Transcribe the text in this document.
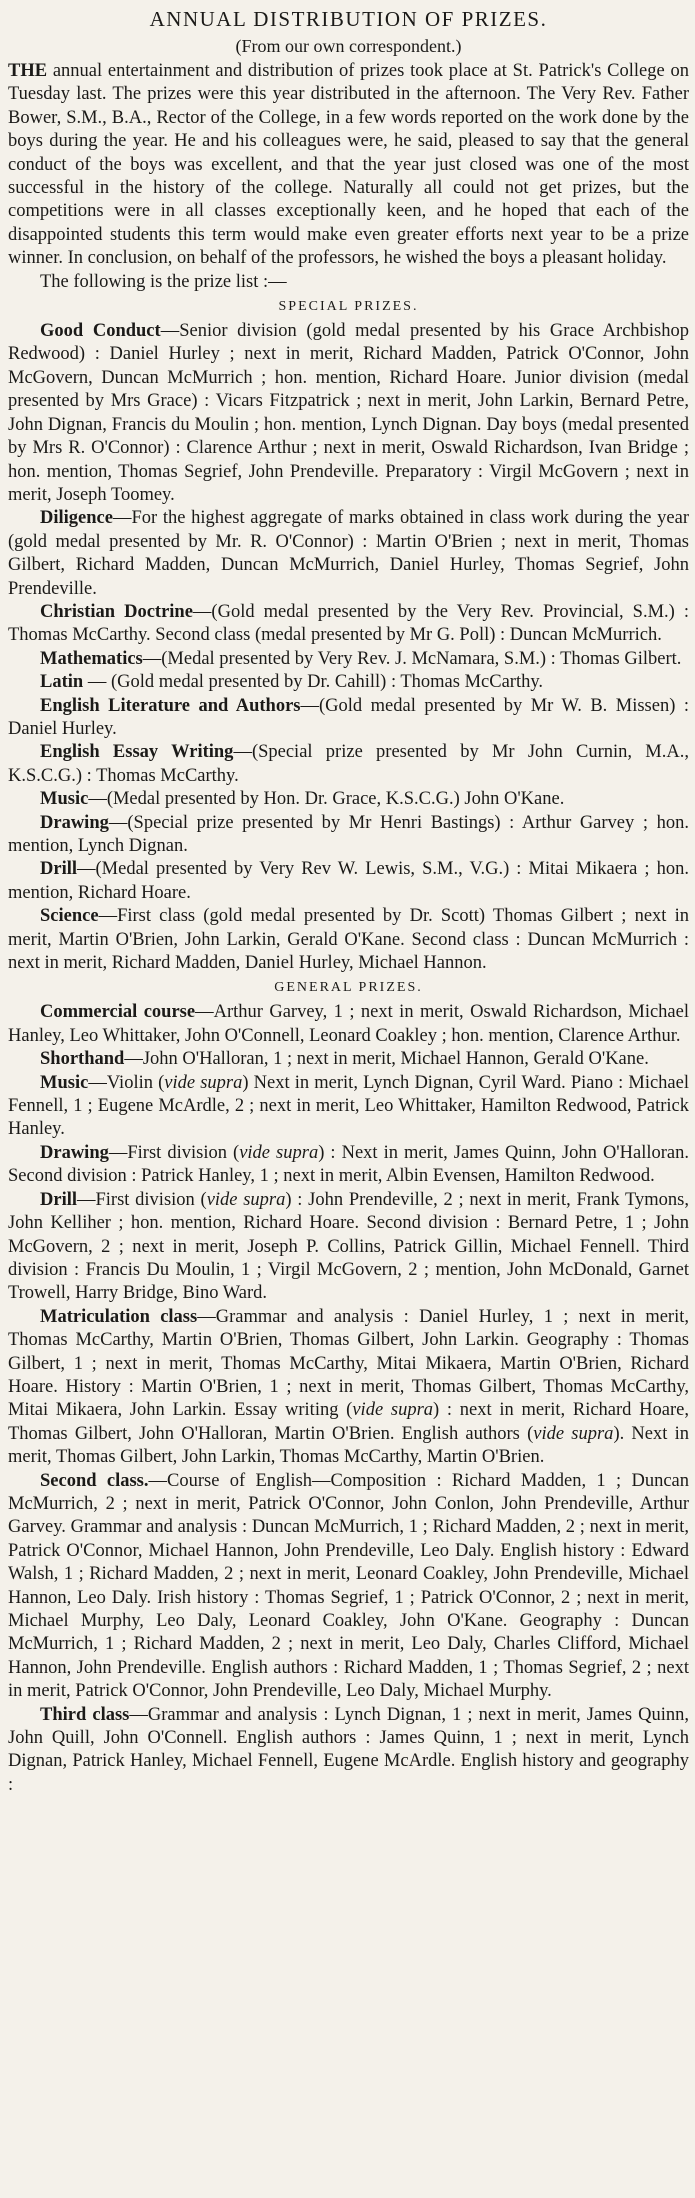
ANNUAL DISTRIBUTION OF PRIZES.
(From our own correspondent.)

THE annual entertainment and distribution of prizes took place at St. Patrick's College on Tuesday last. The prizes were this year distributed in the afternoon. The Very Rev. Father Bower, S.M., B.A., Rector of the College, in a few words reported on the work done by the boys during the year. He and his colleagues were, he said, pleased to say that the general conduct of the boys was excellent, and that the year just closed was one of the most successful in the history of the college. Naturally all could not get prizes, but the competitions were in all classes exceptionally keen, and he hoped that each of the disappointed students this term would make even greater efforts next year to be a prize winner. In conclusion, on behalf of the professors, he wished the boys a pleasant holiday.

The following is the prize list :—

SPECIAL PRIZES.

Good Conduct—Senior division (gold medal presented by his Grace Archbishop Redwood) : Daniel Hurley ; next in merit, Richard Madden, Patrick O'Connor, John McGovern, Duncan McMurrich ; hon. mention, Richard Hoare. Junior division (medal presented by Mrs Grace) : Vicars Fitzpatrick ; next in merit, John Larkin, Bernard Petre, John Dignan, Francis du Moulin ; hon. mention, Lynch Dignan. Day boys (medal presented by Mrs R. O'Connor) : Clarence Arthur ; next in merit, Oswald Richardson, Ivan Bridge ; hon. mention, Thomas Segrief, John Prendeville. Preparatory : Virgil McGovern ; next in merit, Joseph Toomey.

Diligence—For the highest aggregate of marks obtained in class work during the year (gold medal presented by Mr. R. O'Connor) : Martin O'Brien ; next in merit, Thomas Gilbert, Richard Madden, Duncan McMurrich, Daniel Hurley, Thomas Segrief, John Prendeville.

Christian Doctrine—(Gold medal presented by the Very Rev. Provincial, S.M.) : Thomas McCarthy. Second class (medal presented by Mr G. Poll) : Duncan McMurrich.

Mathematics—(Medal presented by Very Rev. J. McNamara, S.M.) : Thomas Gilbert.

Latin — (Gold medal presented by Dr. Cahill) : Thomas McCarthy.

English Literature and Authors—(Gold medal presented by Mr W. B. Missen) : Daniel Hurley.

English Essay Writing—(Special prize presented by Mr John Curnin, M.A., K.S.C.G.) : Thomas McCarthy.

Music—(Medal presented by Hon. Dr. Grace, K.S.C.G.) John O'Kane.

Drawing—(Special prize presented by Mr Henri Bastings) : Arthur Garvey ; hon. mention, Lynch Dignan.

Drill—(Medal presented by Very Rev W. Lewis, S.M., V.G.) : Mitai Mikaera ; hon. mention, Richard Hoare.

Science—First class (gold medal presented by Dr. Scott) Thomas Gilbert ; next in merit, Martin O'Brien, John Larkin, Gerald O'Kane. Second class : Duncan McMurrich : next in merit, Richard Madden, Daniel Hurley, Michael Hannon.

GENERAL PRIZES.

Commercial course—Arthur Garvey, 1 ; next in merit, Oswald Richardson, Michael Hanley, Leo Whittaker, John O'Connell, Leonard Coakley ; hon. mention, Clarence Arthur.

Shorthand—John O'Halloran, 1 ; next in merit, Michael Hannon, Gerald O'Kane.

Music—Violin (vide supra) Next in merit, Lynch Dignan, Cyril Ward. Piano : Michael Fennell, 1 ; Eugene McArdle, 2 ; next in merit, Leo Whittaker, Hamilton Redwood, Patrick Hanley.

Drawing—First division (vide supra) : Next in merit, James Quinn, John O'Halloran. Second division : Patrick Hanley, 1 ; next in merit, Albin Evensen, Hamilton Redwood.

Drill—First division (vide supra) : John Prendeville, 2 ; next in merit, Frank Tymons, John Kelliher ; hon. mention, Richard Hoare. Second division : Bernard Petre, 1 ; John McGovern, 2 ; next in merit, Joseph P. Collins, Patrick Gillin, Michael Fennell. Third division : Francis Du Moulin, 1 ; Virgil McGovern, 2 ; mention, John McDonald, Garnet Trowell, Harry Bridge, Bino Ward.

Matriculation class—Grammar and analysis : Daniel Hurley, 1 ; next in merit, Thomas McCarthy, Martin O'Brien, Thomas Gilbert, John Larkin. Geography : Thomas Gilbert, 1 ; next in merit, Thomas McCarthy, Mitai Mikaera, Martin O'Brien, Richard Hoare. History : Martin O'Brien, 1 ; next in merit, Thomas Gilbert, Thomas McCarthy, Mitai Mikaera, John Larkin. Essay writing (vide supra) : next in merit, Richard Hoare, Thomas Gilbert, John O'Halloran, Martin O'Brien. English authors (vide supra). Next in merit, Thomas Gilbert, John Larkin, Thomas McCarthy, Martin O'Brien.

Second class.—Course of English—Composition : Richard Madden, 1 ; Duncan McMurrich, 2 ; next in merit, Patrick O'Connor, John Conlon, John Prendeville, Arthur Garvey. Grammar and analysis : Duncan McMurrich, 1 ; Richard Madden, 2 ; next in merit, Patrick O'Connor, Michael Hannon, John Prendeville, Leo Daly. English history : Edward Walsh, 1 ; Richard Madden, 2 ; next in merit, Leonard Coakley, John Prendeville, Michael Hannon, Leo Daly. Irish history : Thomas Segrief, 1 ; Patrick O'Connor, 2 ; next in merit, Michael Murphy, Leo Daly, Leonard Coakley, John O'Kane. Geography : Duncan McMurrich, 1 ; Richard Madden, 2 ; next in merit, Leo Daly, Charles Clifford, Michael Hannon, John Prendeville. English authors : Richard Madden, 1 ; Thomas Segrief, 2 ; next in merit, Patrick O'Connor, John Prendeville, Leo Daly, Michael Murphy.

Third class—Grammar and analysis : Lynch Dignan, 1 ; next in merit, James Quinn, John Quill, John O'Connell. English authors : James Quinn, 1 ; next in merit, Lynch Dignan, Patrick Hanley, Michael Fennell, Eugene McArdle. English history and geography :
